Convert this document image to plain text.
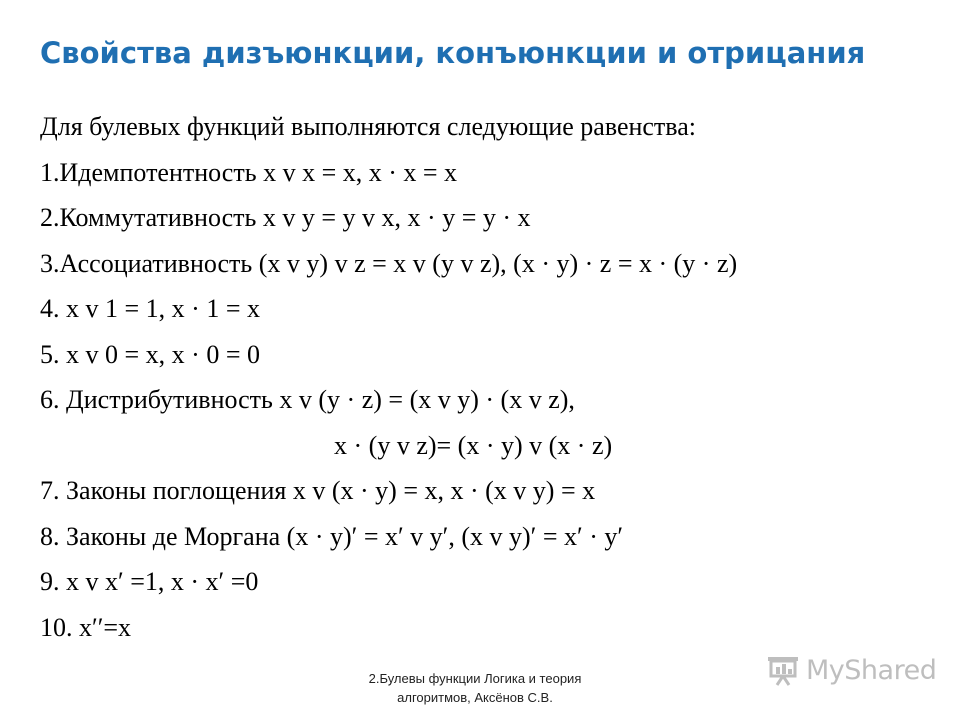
Свойства дизъюнкции, конъюнкции и отрицания
Для булевых функций выполняются следующие равенства:
1.Идемпотентность x v x = x, x · x = x
2.Коммутативность x v y = y v x, x · y = y · x
3.Ассоциативность (x v y) v z = x v (y v z), (x · y) · z = x · (y · z)
4. x v 1 = 1, x · 1 = x
5. x v 0 = x, x · 0 = 0
6. Дистрибутивность x v (y · z) = (x v y) · (x v z),
x · (y v z)= (x · y) v (x · z)
7. Законы поглощения x v (x · y) = x, x · (x v y) = x
8. Законы де Моргана (x · y)′ = x′ v y′, (x v y)′ = x′ · y′
9. x v x′ =1, x · x′ =0
10. x′′=x
2.Булевы функции Логика и теория
алгоритмов, Аксёнов С.В.
MyShared
